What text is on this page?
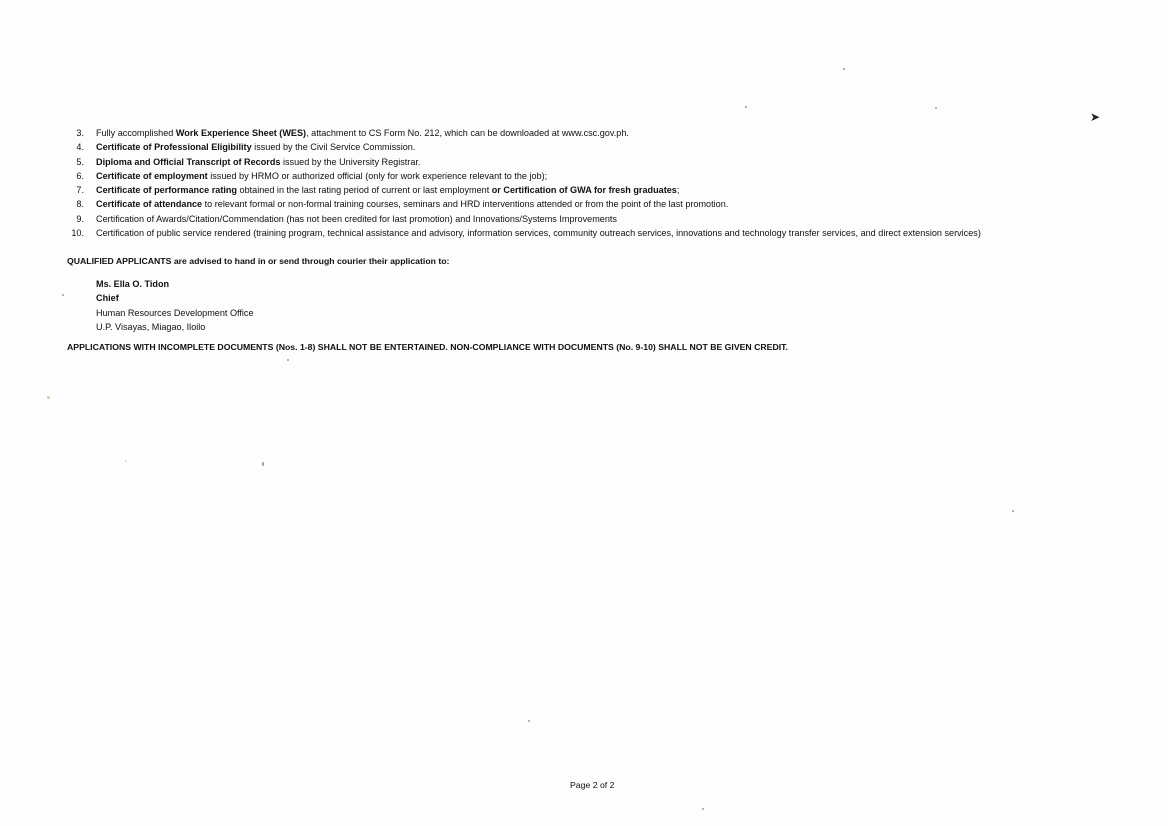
3 . Fully accomplished Work Experience Sheet (WES), attachment to CS Form No. 212, which can be downloaded at www.csc.gov.ph.
4 . Certificate of Professional Eligibility issued by the Civil Service Commission.
5 . Diploma and Official Transcript of Records issued by the University Registrar.
6 . Certificate of employment issued by HRMO or authorized official (only for work experience relevant to the job);
7 . Certificate of performance rating obtained in the last rating period of current or last employment or Certification of GWA for fresh graduates;
8 . Certificate of attendance to relevant formal or non-formal training courses, seminars and HRD interventions attended or from the point of the last promotion.
9 . Certification of Awards/Citation/Commendation (has not been credited for last promotion) and Innovations/Systems Improvements
10 . Certification of public service rendered (training program, technical assistance and advisory, information services, community outreach services, innovations and technology transfer services, and direct extension services)
QUALIFIED APPLICANTS are advised to hand in or send through courier their application to:
Ms. Ella O. Tidon
Chief
Human Resources Development Office
U.P. Visayas, Miagao, Iloilo
APPLICATIONS WITH INCOMPLETE DOCUMENTS (Nos. 1-8) SHALL NOT BE ENTERTAINED. NON-COMPLIANCE WITH DOCUMENTS (No. 9-10) SHALL NOT BE GIVEN CREDIT.
Page 2 of 2
➤
